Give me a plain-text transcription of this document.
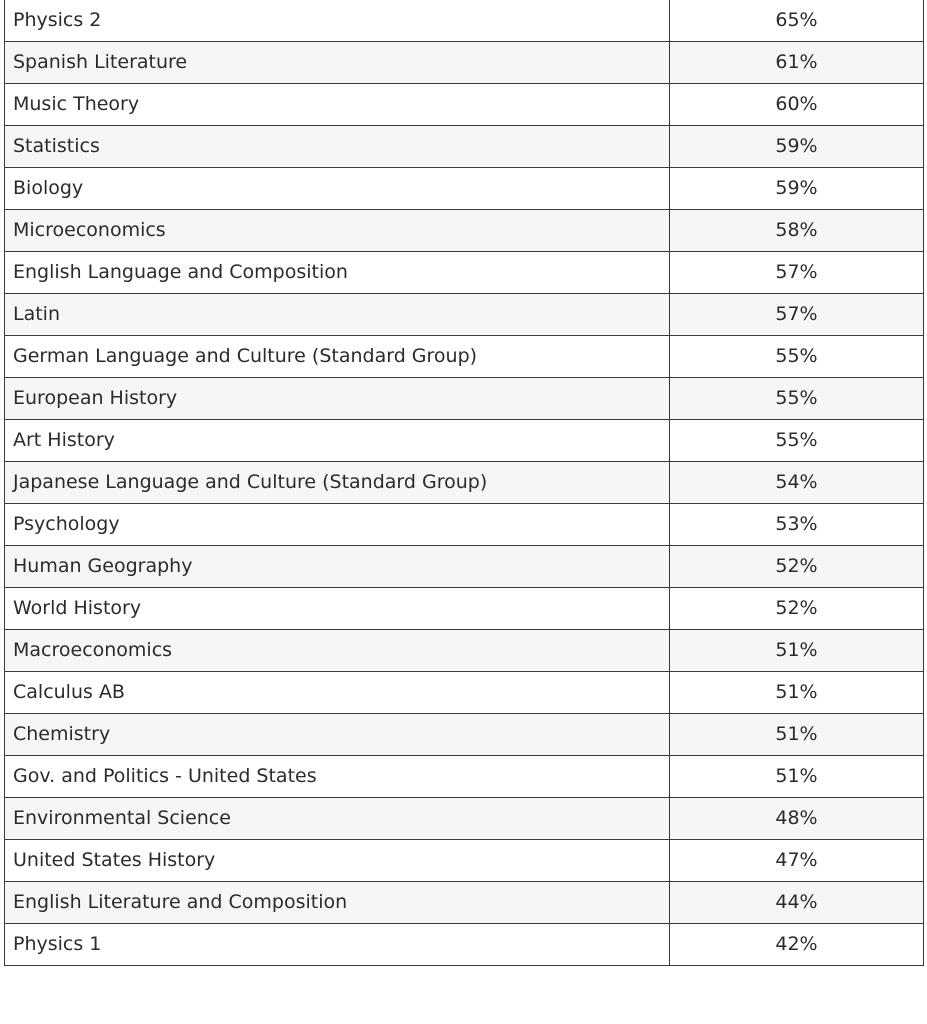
Physics 2	65%
Spanish Literature	61%
Music Theory	60%
Statistics	59%
Biology	59%
Microeconomics	58%
English Language and Composition	57%
Latin	57%
German Language and Culture (Standard Group)	55%
European History	55%
Art History	55%
Japanese Language and Culture (Standard Group)	54%
Psychology	53%
Human Geography	52%
World History	52%
Macroeconomics	51%
Calculus AB	51%
Chemistry	51%
Gov. and Politics - United States	51%
Environmental Science	48%
United States History	47%
English Literature and Composition	44%
Physics 1	42%
